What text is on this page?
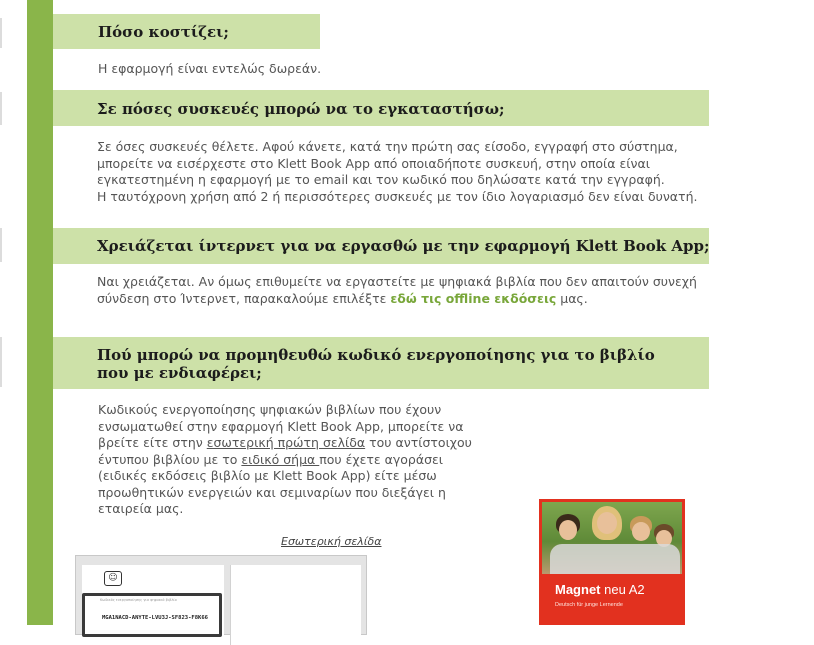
Πόσο κοστίζει;

Η εφαρμογή είναι εντελώς δωρεάν.

Σε πόσες συσκευές μπορώ να το εγκαταστήσω;

Σε όσες συσκευές θέλετε. Αφού κάνετε, κατά την πρώτη σας είσοδο, εγγραφή στο σύστημα,
μπορείτε να εισέρχεστε στο Klett Book App από οποιαδήποτε συσκευή, στην οποία είναι
εγκατεστημένη η εφαρμογή με το email και τον κωδικό που δηλώσατε κατά την εγγραφή.
Η ταυτόχρονη χρήση από 2 ή περισσότερες συσκευές με τον ίδιο λογαριασμό δεν είναι δυνατή.

Χρειάζεται ίντερνετ για να εργασθώ με την εφαρμογή Klett Book App;

Ναι χρειάζεται. Αν όμως επιθυμείτε να εργαστείτε με ψηφιακά βιβλία που δεν απαιτούν συνεχή
σύνδεση στο Ίντερνετ, παρακαλούμε επιλέξτε εδώ τις offline εκδόσεις μας.

Πού μπορώ να προμηθευθώ κωδικό ενεργοποίησης για το βιβλίο
που με ενδιαφέρει;

Κωδικούς ενεργοποίησης ψηφιακών βιβλίων που έχουν
ενσωματωθεί στην εφαρμογή Klett Book App, μπορείτε να
βρείτε είτε στην εσωτερική πρώτη σελίδα του αντίστοιχου
έντυπου βιβλίου με το ειδικό σήμα που έχετε αγοράσει
(ειδικές εκδόσεις βιβλίο με Klett Book App) είτε μέσω
προωθητικών ενεργειών και σεμιναρίων που διεξάγει η
εταιρεία μας.

Εσωτερική σελίδα
☺
Κωδικός ενεργοποίησης για ψηφιακό βιβλίο
MGA1NACD-ANYTE-LVU3J-SF823-F8K66
Magnet neu A2
Deutsch für junge Lernende
